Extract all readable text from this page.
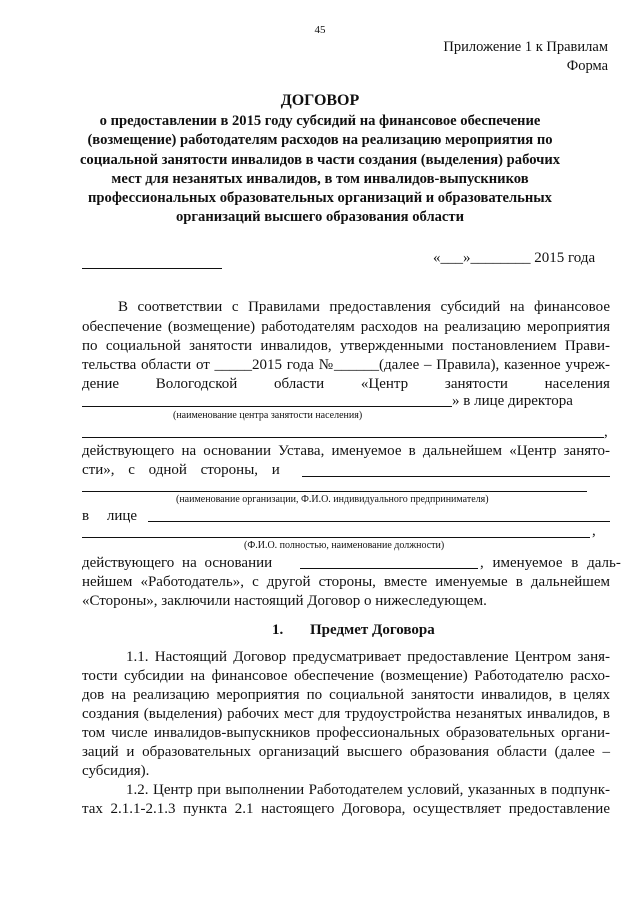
45
Приложение 1 к Правилам
Форма
ДОГОВОР
о предоставлении в 2015 году субсидий на финансовое обеспечение (возмещение) работодателям расходов на реализацию мероприятия по социальной занятости инвалидов в части создания (выделения) рабочих мест для незанятых инвалидов, в том инвалидов-выпускников профессиональных образовательных организаций и образовательных организаций высшего образования области
«___»________ 2015 года
В соответствии с Правилами предоставления субсидий на финансовое
обеспечение (возмещение) работодателям расходов на реализацию мероприятия
по социальной занятости инвалидов, утвержденными постановлением Прави-
тельства области от _____2015 года №______(далее – Правила), казенное учреж-
дение Вологодской области «Центр занятости населения
» в лице директора
(наименование центра занятости населения)
,
действующего на основании Устава, именуемое в дальнейшем «Центр занято-
сти», с одной стороны, и
(наименование организации, Ф.И.О. индивидуального предпринимателя)
в лице
,
(Ф.И.О. полностью, наименование должности)
действующего на основании	, именуемое в даль-
нейшем «Работодатель», с другой стороны, вместе именуемые в дальнейшем
«Стороны», заключили настоящий Договор о нижеследующем.
1. Предмет Договора
1.1. Настоящий Договор предусматривает предоставление Центром заня-
тости субсидии на финансовое обеспечение (возмещение) Работодателю расхо-
дов на реализацию мероприятия по социальной занятости инвалидов, в целях
создания (выделения) рабочих мест для трудоустройства незанятых инвалидов, в
том числе инвалидов-выпускников профессиональных образовательных органи-
заций и образовательных организаций высшего образования области (далее –
субсидия).
1.2. Центр при выполнении Работодателем условий, указанных в подпунк-
тах 2.1.1-2.1.3 пункта 2.1 настоящего Договора, осуществляет предоставление
